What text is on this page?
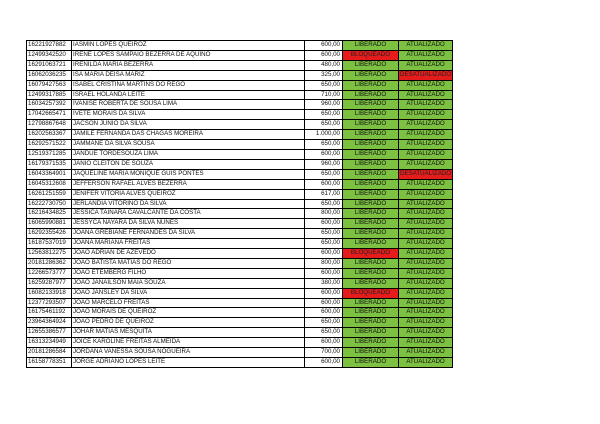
16221927882	IASMIN LOPES QUEIROZ	600,00	LIBERADO	ATUALIZADO
12499342520	IRENE LOPES SAMPAIO BEZERRA DE AQUINO	600,00	BLOQUEADO	ATUALIZADO
16291063721	IRENILDA MARIA BEZERRA	480,00	LIBERADO	ATUALIZADO
16062036235	ISA MARIA DEISA MARIZ	325,00	LIBERADO	DESATUALIZADO
16079427563	ISABEL CRISTINA MARTINS DO REGO	650,00	LIBERADO	ATUALIZADO
12499317885	ISRAEL HOLANDA LEITE	710,00	LIBERADO	ATUALIZADO
16034257392	IVANISE ROBERTA DE SOUSA LIMA	960,00	LIBERADO	ATUALIZADO
17042665471	IVETE MORAIS DA SILVA	650,00	LIBERADO	ATUALIZADO
12798867648	JACSON JUNIO DA SILVA	650,00	LIBERADO	ATUALIZADO
16202563367	JAMILE FERNANDA DAS CHAGAS MOREIRA	1.000,00	LIBERADO	ATUALIZADO
16292571522	JAMMANE DA SILVA SOUSA	650,00	LIBERADO	ATUALIZADO
12519371285	JANDUE TORDESOUZA LIMA	600,00	LIBERADO	ATUALIZADO
16179371535	JANIO CLEITON DE SOUZA	960,00	LIBERADO	ATUALIZADO
16043364901	JAQUELINE MARIA MONIQUE GUIS PONTES	650,00	LIBERADO	DESATUALIZADO
16045312608	JEFFERSON RAFAEL ALVES BEZERRA	600,00	LIBERADO	ATUALIZADO
16261251559	JENIFER VITORIA ALVES QUEIROZ	617,00	LIBERADO	ATUALIZADO
16222730750	JERLANDIA VITORINO DA SILVA	650,00	LIBERADO	ATUALIZADO
16216434825	JESSICA TAINARA CAVALCANTE DA COSTA	800,00	LIBERADO	ATUALIZADO
16065990881	JESSYCA NAYARA DA SILVA NUNES	600,00	LIBERADO	ATUALIZADO
16292355426	JOANA GREBIANE FERNANDES DA SILVA	650,00	LIBERADO	ATUALIZADO
16187537019	JOANA MARIANA FREITAS	650,00	LIBERADO	ATUALIZADO
12563812275	JOAO ADRIAN DE AZEVEDO	600,00	BLOQUEADO	ATUALIZADO
20181286362	JOAO BATISTA MATIAS DO REGO	800,00	LIBERADO	ATUALIZADO
12266573777	JOAO ETEMBERG FILHO	600,00	LIBERADO	ATUALIZADO
16259287977	JOAO JANAILSON MAIA SOUZA	380,00	LIBERADO	ATUALIZADO
16082133918	JOAO JANSLEY DA SILVA	600,00	BLOQUEADO	ATUALIZADO
12377293507	JOAO MARCELO FREITAS	600,00	LIBERADO	ATUALIZADO
16175461192	JOAO MORAIS DE QUEIROZ	600,00	LIBERADO	ATUALIZADO
23964364924	JOAO PEDRO DE QUEIROZ	650,00	LIBERADO	ATUALIZADO
12655386577	JOHAR MATIAS MESQUITA	650,00	LIBERADO	ATUALIZADO
16313234949	JOICE KAROLINE FREITAS ALMEIDA	600,00	LIBERADO	ATUALIZADO
20181286584	JORDANA VANESSA SOUSA NOGUEIRA	700,00	LIBERADO	ATUALIZADO
16158778351	JORGE ADRIANO LOPES LEITE	600,00	LIBERADO	ATUALIZADO
